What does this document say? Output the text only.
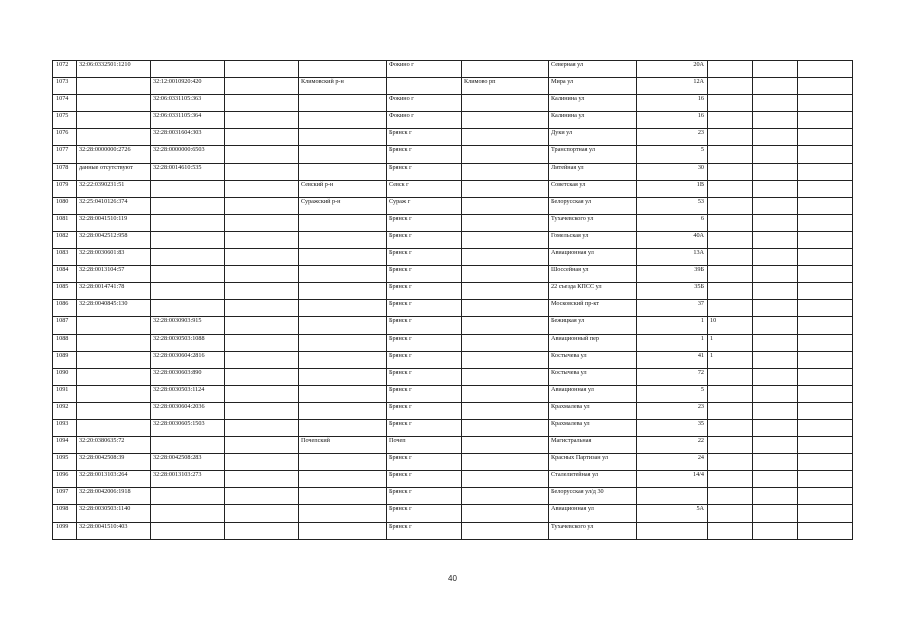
1072	32:06:0332501:1210				Фокино г		Северная ул	20А			
1073		32:12:0010920:420		Климовский р-н		Климово рп	Мира ул	12А			
1074		32:06:0331105:363			Фокино г		Калинина ул	16			
1075		32:06:0331105:364			Фокино г		Калинина ул	16			
1076		32:28:0031604:303			Брянск г		Дуки ул	23			
1077	32:28:0000000:2726	32:28:0000000:6503			Брянск г		Транспортная ул	5			
1078	данные отсутствуют	32:28:0014610:535			Брянск г		Литейная ул	30			
1079	32:22:0390231:51			Севский р-н	Севск г		Советская ул	1В			
1080	32:25:0410126:374			Суражский р-н	Сураж г		Белорусская ул	53			
1081	32:28:0041510:119				Брянск г		Тухачевского ул	6			
1082	32:28:0042512:958				Брянск г		Гомельская ул	40А			
1083	32:28:0030601:83				Брянск г		Авиационная ул	13А			
1084	32:28:0013104:57				Брянск г		Шоссейная ул	39Б			
1085	32:28:0014741:78				Брянск г		22 съезда КПСС ул	35Б			
1086	32:28:0040845:130				Брянск г		Московский пр-кт	37			
1087		32:28:0030903:915			Брянск г		Бежицкая ул	1	10		
1088		32:28:0030503:1088			Брянск г		Авиационный пер	1	1		
1089		32:28:0030604:2816			Брянск г		Костычева ул	41	1		
1090		32:28:0030603:890			Брянск г		Костычева ул	72			
1091		32:28:0030503:1124			Брянск г		Авиационная ул	5			
1092		32:28:0030604:2036			Брянск г		Крахмалева ул	23			
1093		32:28:0030605:1503			Брянск г		Крахмалева ул	35			
1094	32:20:0380635:72			Почепский	Почеп		Магистральная	22			
1095	32:28:0042508:39	32:28:0042508:283			Брянск г		Красных Партизан ул	24			
1096	32:28:0013103:264	32:28:0013103:273			Брянск г		Сталелитейная ул	14/4			
1097	32:28:0042006:1918				Брянск г		Белорусская ул/д 30				
1098	32:28:0030503:1140				Брянск г		Авиационная ул	5А			
1099	32:28:0041510:403				Брянск г		Тухачевского ул				
40
